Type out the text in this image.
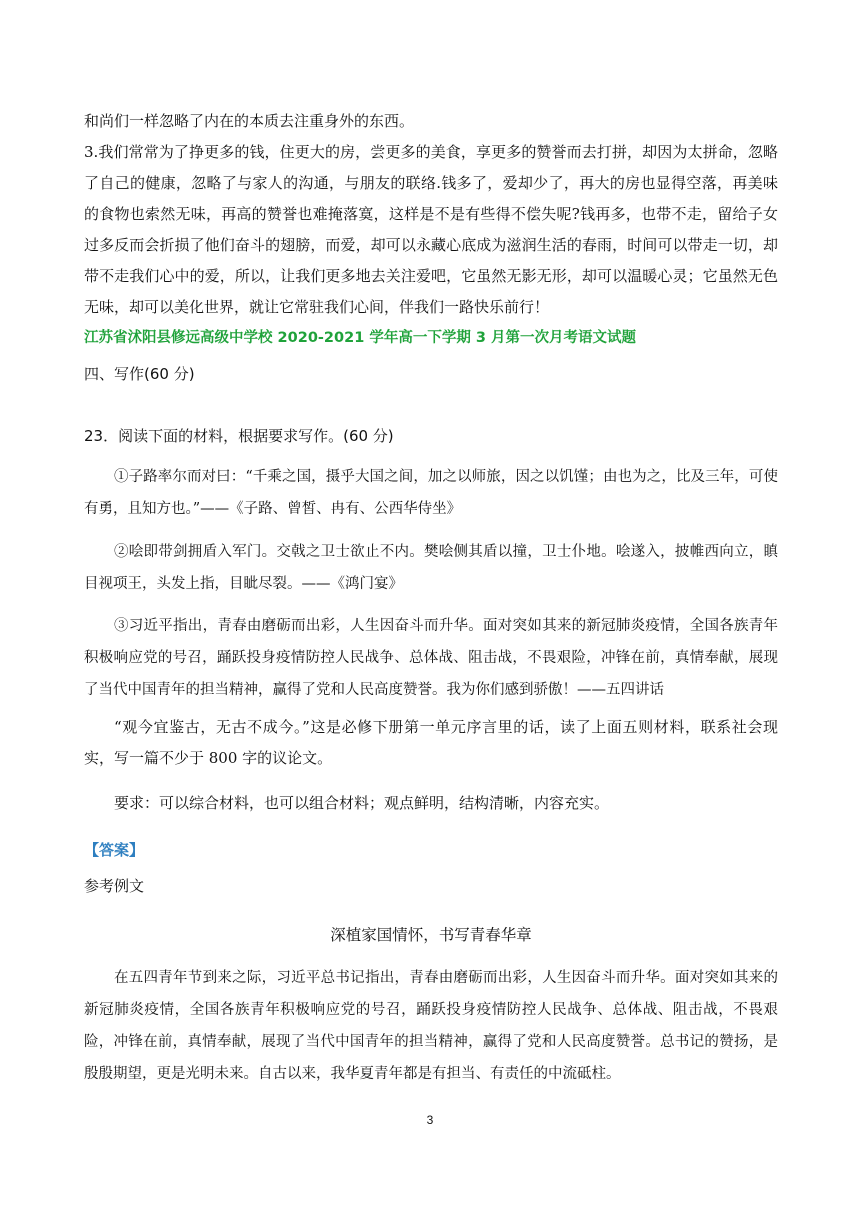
和尚们一样忽略了内在的本质去注重身外的东西。

3.我们常常为了挣更多的钱，住更大的房，尝更多的美食，享更多的赞誉而去打拼，却因为太拼命，忽略了自己的健康，忽略了与家人的沟通，与朋友的联络.钱多了，爱却少了，再大的房也显得空落，再美味的食物也索然无味，再高的赞誉也难掩落寞，这样是不是有些得不偿失呢?钱再多，也带不走，留给子女过多反而会折损了他们奋斗的翅膀，而爱，却可以永藏心底成为滋润生活的春雨，时间可以带走一切，却带不走我们心中的爱，所以，让我们更多地去关注爱吧，它虽然无影无形，却可以温暖心灵；它虽然无色无味，却可以美化世界，就让它常驻我们心间，伴我们一路快乐前行！

江苏省沭阳县修远高级中学校 2020-2021 学年高一下学期 3 月第一次月考语文试题

四、写作(60 分)

23．阅读下面的材料，根据要求写作。(60 分)

①子路率尔而对曰：“千乘之国，摄乎大国之间，加之以师旅，因之以饥馑；由也为之，比及三年，可使有勇，且知方也。”——《子路、曾皙、冉有、公西华侍坐》

②哙即带剑拥盾入军门。交戟之卫士欲止不内。樊哙侧其盾以撞，卫士仆地。哙遂入，披帷西向立，瞋目视项王，头发上指，目眦尽裂。——《鸿门宴》

③习近平指出，青春由磨砺而出彩，人生因奋斗而升华。面对突如其来的新冠肺炎疫情，全国各族青年积极响应党的号召，踊跃投身疫情防控人民战争、总体战、阻击战，不畏艰险，冲锋在前，真情奉献，展现了当代中国青年的担当精神，赢得了党和人民高度赞誉。我为你们感到骄傲！——五四讲话

“观今宜鉴古，无古不成今。”这是必修下册第一单元序言里的话，读了上面五则材料，联系社会现实，写一篇不少于 800 字的议论文。

要求：可以综合材料，也可以组合材料；观点鲜明，结构清晰，内容充实。

【答案】

参考例文

深植家国情怀，书写青春华章

在五四青年节到来之际，习近平总书记指出，青春由磨砺而出彩，人生因奋斗而升华。面对突如其来的新冠肺炎疫情，全国各族青年积极响应党的号召，踊跃投身疫情防控人民战争、总体战、阻击战，不畏艰险，冲锋在前，真情奉献，展现了当代中国青年的担当精神，赢得了党和人民高度赞誉。总书记的赞扬，是殷殷期望，更是光明未来。自古以来，我华夏青年都是有担当、有责任的中流砥柱。

3
